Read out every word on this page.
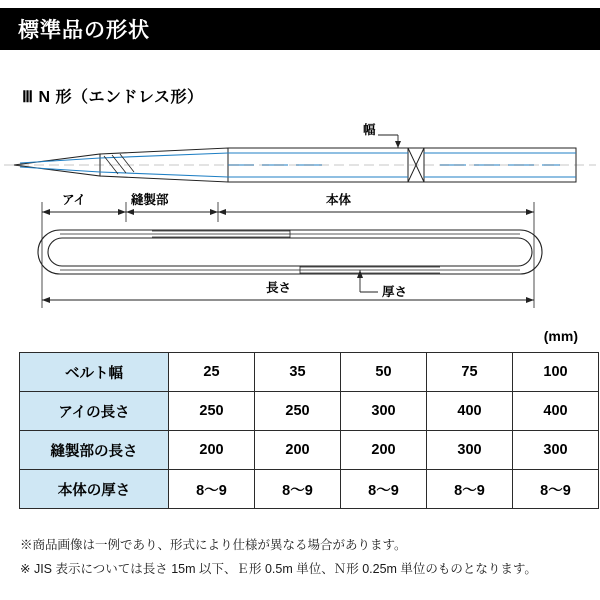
標準品の形状
Ⅲ N 形（エンドレス形）
幅
アイ	縫製部	本体
厚さ
長さ
(mm)
ベルト幅	25	35	50	75	100
アイの長さ	250	250	300	400	400
縫製部の長さ	200	200	200	300	300
本体の厚さ	8〜9	8〜9	8〜9	8〜9	8〜9
※商品画像は一例であり、形式により仕様が異なる場合があります。
※ JIS 表示については長さ 15m 以下、Ｅ形 0.5m 単位、Ｎ形 0.25m 単位のものとなります。
